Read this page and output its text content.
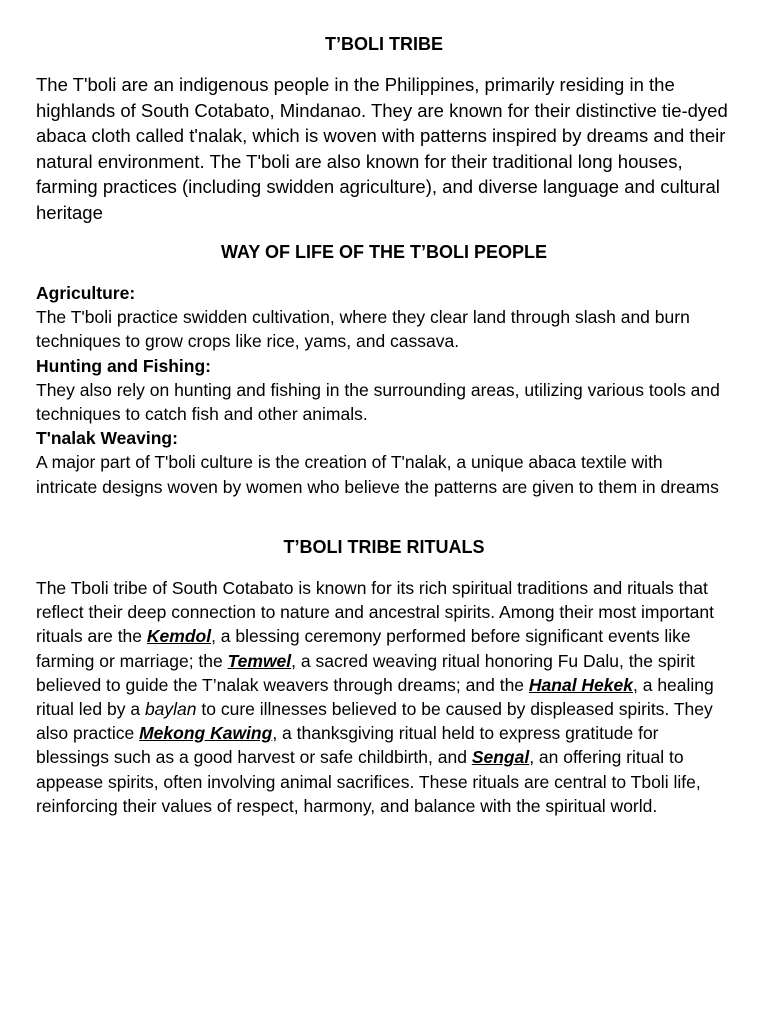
T’BOLI TRIBE

The T'boli are an indigenous people in the Philippines, primarily residing in the highlands of South Cotabato, Mindanao. They are known for their distinctive tie-dyed abaca cloth called t'nalak, which is woven with patterns inspired by dreams and their natural environment. The T'boli are also known for their traditional long houses, farming practices (including swidden agriculture), and diverse language and cultural heritage

WAY OF LIFE OF THE T’BOLI PEOPLE
Agriculture:
The T'boli practice swidden cultivation, where they clear land through slash and burn techniques to grow crops like rice, yams, and cassava.
Hunting and Fishing:
They also rely on hunting and fishing in the surrounding areas, utilizing various tools and techniques to catch fish and other animals.
T'nalak Weaving:
A major part of T'boli culture is the creation of T'nalak, a unique abaca textile with intricate designs woven by women who believe the patterns are given to them in dreams
T’BOLI TRIBE RITUALS

The Tboli tribe of South Cotabato is known for its rich spiritual traditions and rituals that reflect their deep connection to nature and ancestral spirits. Among their most important rituals are the Kemdol, a blessing ceremony performed before significant events like farming or marriage; the Temwel, a sacred weaving ritual honoring Fu Dalu, the spirit believed to guide the T’nalak weavers through dreams; and the Hanal Hekek, a healing ritual led by a baylan to cure illnesses believed to be caused by displeased spirits. They also practice Mekong Kawing, a thanksgiving ritual held to express gratitude for blessings such as a good harvest or safe childbirth, and Sengal, an offering ritual to appease spirits, often involving animal sacrifices. These rituals are central to Tboli life, reinforcing their values of respect, harmony, and balance with the spiritual world.
